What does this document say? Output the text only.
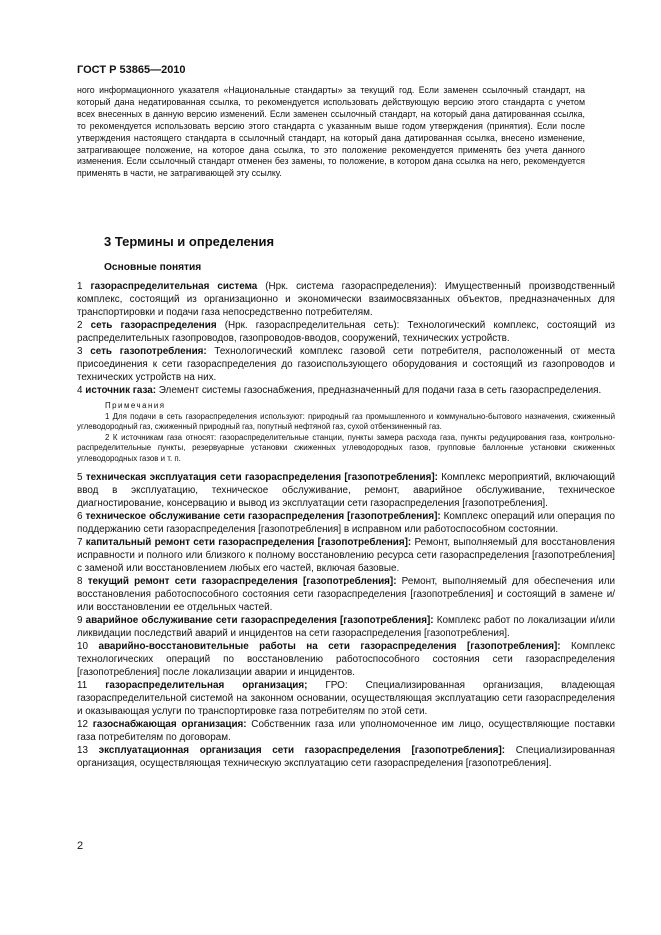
ГОСТ Р 53865—2010
ного информационного указателя «Национальные стандарты» за текущий год. Если заменен ссылочный стандарт, на который дана недатированная ссылка, то рекомендуется использовать действующую версию этого стандарта с учетом всех внесенных в данную версию изменений. Если заменен ссылочный стандарт, на который дана датированная ссылка, то рекомендуется использовать версию этого стандарта с указанным выше годом утверждения (принятия). Если после утверждения настоящего стандарта в ссылочный стандарт, на который дана датированная ссылка, внесено изменение, затрагивающее положение, на которое дана ссылка, то это положение рекомендуется применять без учета данного изменения. Если ссылочный стандарт отменен без замены, то положение, в котором дана ссылка на него, рекомендуется применять в части, не затрагивающей эту ссылку.
3 Термины и определения
Основные понятия

1 газораспределительная система (Нрк. система газораспределения): Имущественный производственный комплекс, состоящий из организационно и экономически взаимосвязанных объектов, предназначенных для транспортировки и подачи газа непосредственно потребителям.

2 сеть газораспределения (Нрк. газораспределительная сеть): Технологический комплекс, состоящий из распределительных газопроводов, газопроводов-вводов, сооружений, технических устройств.

3 сеть газопотребления: Технологический комплекс газовой сети потребителя, расположенный от места присоединения к сети газораспределения до газоиспользующего оборудования и состоящий из газопроводов и технических устройств на них.

4 источник газа: Элемент системы газоснабжения, предназначенный для подачи газа в сеть газораспределения.

Примечания
1 Для подачи в сеть газораспределения используют: природный газ промышленного и коммунально-бытового назначения, сжиженный углеводородный газ, сжиженный природный газ, попутный нефтяной газ, сухой отбензиненный газ.
2 К источникам газа относят: газораспределительные станции, пункты замера расхода газа, пункты редуцирования газа, контрольно-распределительные пункты, резервуарные установки сжиженных углеводородных газов, групповые баллонные установки сжиженных углеводородных газов и т. п.

5 техническая эксплуатация сети газораспределения [газопотребления]: Комплекс мероприятий, включающий ввод в эксплуатацию, техническое обслуживание, ремонт, аварийное обслуживание, техническое диагностирование, консервацию и вывод из эксплуатации сети газораспределения [газопотребления].

6 техническое обслуживание сети газораспределения [газопотребления]: Комплекс операций или операция по поддержанию сети газораспределения [газопотребления] в исправном или работоспособном состоянии.

7 капитальный ремонт сети газораспределения [газопотребления]: Ремонт, выполняемый для восстановления исправности и полного или близкого к полному восстановлению ресурса сети газораспределения [газопотребления] с заменой или восстановлением любых его частей, включая базовые.

8 текущий ремонт сети газораспределения [газопотребления]: Ремонт, выполняемый для обеспечения или восстановления работоспособного состояния сети газораспределения [газопотребления] и состоящий в замене и/или восстановлении ее отдельных частей.

9 аварийное обслуживание сети газораспределения [газопотребления]: Комплекс работ по локализации и/или ликвидации последствий аварий и инцидентов на сети газораспределения [газопотребления].

10 аварийно-восстановительные работы на сети газораспределения [газопотребления]: Комплекс технологических операций по восстановлению работоспособного состояния сети газораспределения [газопотребления] после локализации аварии и инцидентов.

11 газораспределительная организация; ГРО: Специализированная организация, владеющая газораспределительной системой на законном основании, осуществляющая эксплуатацию сети газораспределения и оказывающая услуги по транспортировке газа потребителям по этой сети.

12 газоснабжающая организация: Собственник газа или уполномоченное им лицо, осуществляющие поставки газа потребителям по договорам.

13 эксплуатационная организация сети газораспределения [газопотребления]: Специализированная организация, осуществляющая техническую эксплуатацию сети газораспределения [газопотребления].

2
